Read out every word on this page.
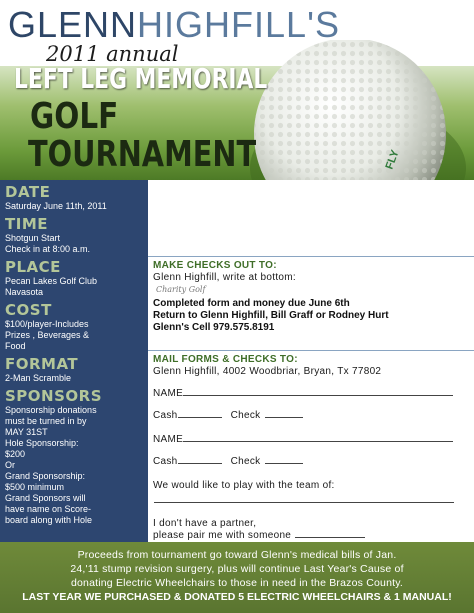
FLY
GLENNHIGHFILL'S
2011 annual
LEFT LEG MEMORIAL
GOLF
TOURNAMENT
DATE
Saturday June 11th, 2011
TIME
Shotgun Start
Check in at 8:00 a.m.
PLACE
Pecan Lakes Golf Club
Navasota
COST
$100/player-Includes
Prizes , Beverages &
Food
FORMAT
2-Man Scramble
SPONSORS
Sponsorship donations
must be turned in by
MAY 31ST
Hole Sponsorship:
$200
Or
Grand Sponsorship:
$500 minimum
Grand Sponsors will
have name on Score-
board along with Hole
MAKE CHECKS OUT TO:
Glenn Highfill, write at bottom:
Charity Golf
Completed form and money due June 6th
Return to Glenn Highfill, Bill Graff or Rodney Hurt
Glenn's Cell 979.575.8191
MAIL FORMS & CHECKS TO:
Glenn Highfill, 4002 Woodbriar, Bryan, Tx 77802
NAME
Cash	Check
NAME
Cash	Check
We would like to play with the team of:
I don't have a partner,
please pair me with someone
Proceeds from tournament go toward Glenn's medical bills of Jan.
24,'11 stump revision surgery, plus will continue Last Year's Cause of
donating Electric Wheelchairs to those in need in the Brazos County.
LAST YEAR WE PURCHASED & DONATED 5 ELECTRIC WHEELCHAIRS & 1 MANUAL!
